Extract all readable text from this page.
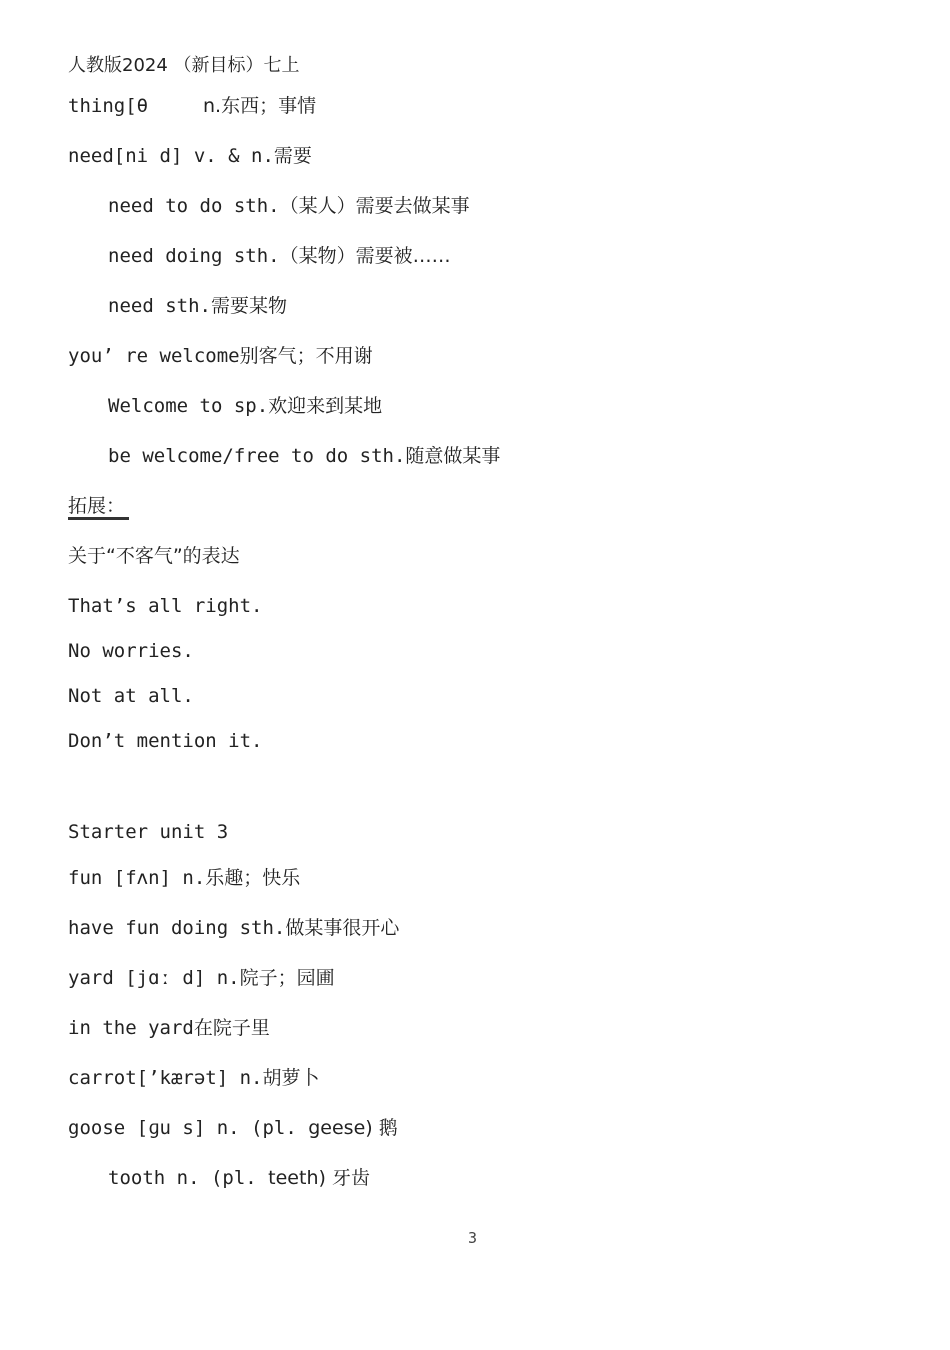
人教版2024 （新目标）七上
thing[θ	n.东西；事情
need[ni d] v. & n.需要
need to do sth.（某人）需要去做某事
need doing sth.（某物）需要被……
need sth.需要某物
you’ re welcome别客气；不用谢
Welcome to sp.欢迎来到某地
be welcome/free to do sth.随意做某事
拓展：
关于“不客气”的表达
That’s all right.
No worries.
Not at all.
Don’t mention it.
Starter unit 3
fun [fʌn] n.乐趣；快乐
have fun doing sth.做某事很开心
yard [jɑː d] n.院子；园圃
in the yard在院子里
carrot[’kærət] n.胡萝卜
goose [ɡu s] n. (pl. geese) 鹅
tooth n. (pl. teeth) 牙齿
3
